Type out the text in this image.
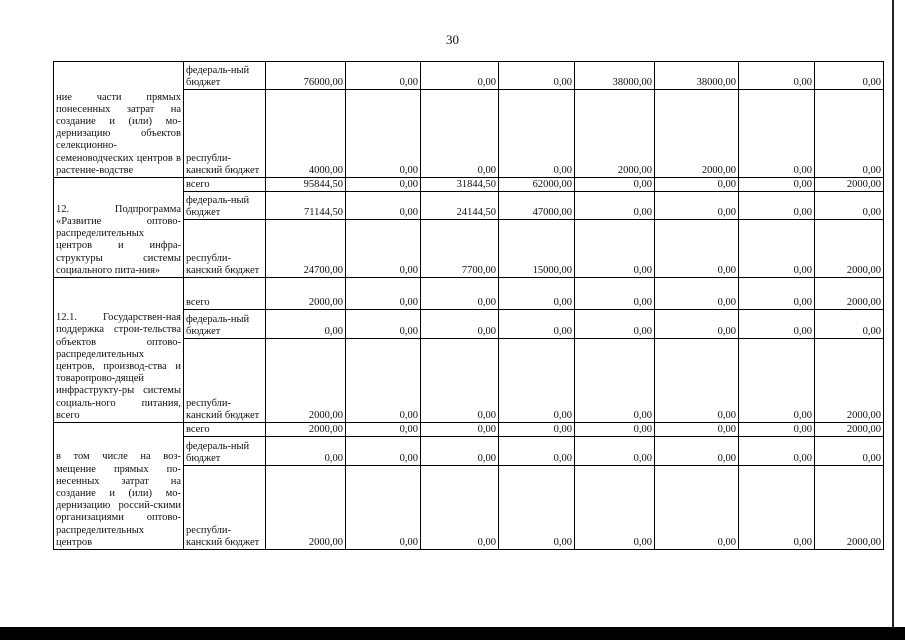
30
ние части прямых понесенных затрат на создание и (или) мо-дернизацию объектов селекционно-семеноводческих центров в растение-водстве	федераль-ный бюджет	76000,00	0,00	0,00	0,00	38000,00	38000,00	0,00	0,00
	республи-канский бюджет	4000,00	0,00	0,00	0,00	2000,00	2000,00	0,00	0,00
12. Подпрограмма «Развитие оптово-распределительных центров и инфра-структуры системы социального пита-ния»	всего	95844,50	0,00	31844,50	62000,00	0,00	0,00	0,00	2000,00
	федераль-ный бюджет	71144,50	0,00	24144,50	47000,00	0,00	0,00	0,00	0,00
	республи-канский бюджет	24700,00	0,00	7700,00	15000,00	0,00	0,00	0,00	2000,00
12.1. Государствен-ная поддержка строи-тельства объектов оптово-распределительных центров, производ-ства и товаропрово-дящей инфраструкту-ры системы социаль-ного питания, всего	всего	2000,00	0,00	0,00	0,00	0,00	0,00	0,00	2000,00
	федераль-ный бюджет	0,00	0,00	0,00	0,00	0,00	0,00	0,00	0,00
	республи-канский бюджет	2000,00	0,00	0,00	0,00	0,00	0,00	0,00	2000,00
в том числе на воз-мещение прямых по-несенных затрат на создание и (или) мо-дернизацию россий-скими организациями оптово-распределительных центров	всего	2000,00	0,00	0,00	0,00	0,00	0,00	0,00	2000,00
	федераль-ный бюджет	0,00	0,00	0,00	0,00	0,00	0,00	0,00	0,00
	республи-канский бюджет	2000,00	0,00	0,00	0,00	0,00	0,00	0,00	2000,00
